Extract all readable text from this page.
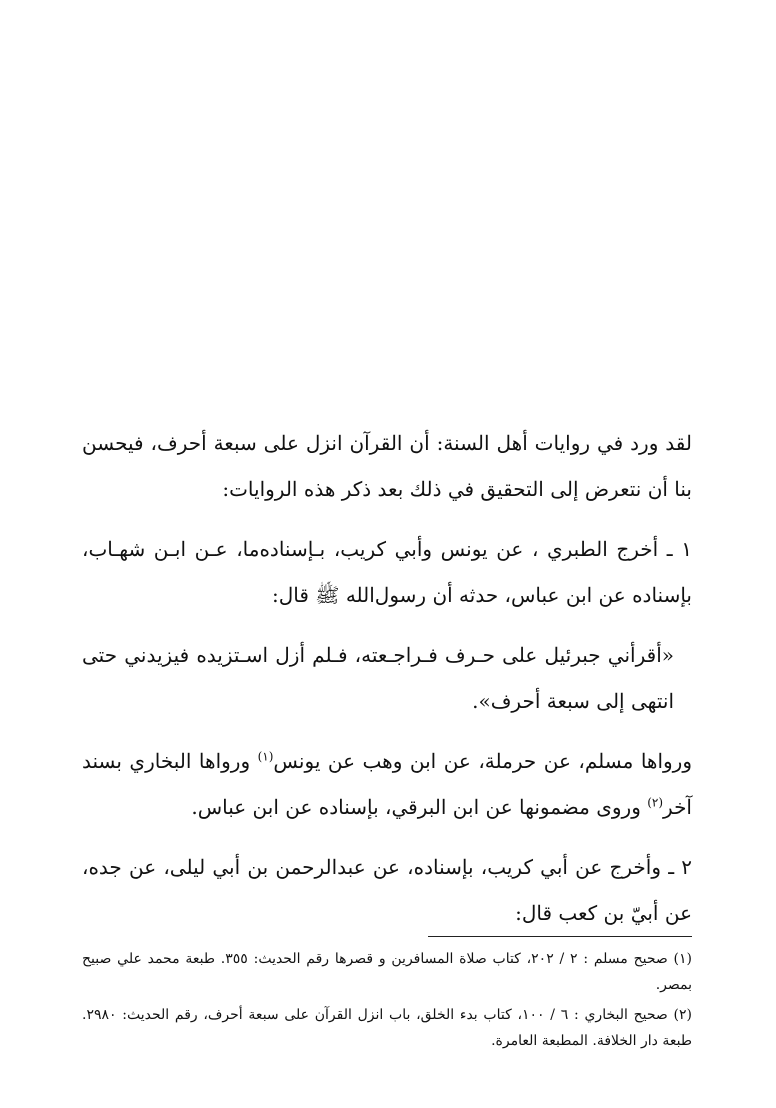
لقد ورد في روايات أهل السنة: أن القرآن انزل على سبعة أحرف، فيحسن بنا أن نتعرض إلى التحقيق في ذلك بعد ذكر هذه الروايات:

١ ـ أخرج الطبري ، عن يونس وأبي كريب، بـإسناده‌ما، عـن ابـن شهـاب، بإسناده عن ابن عباس، حدثه أن رسول‌الله ﷺ قال:

«أقرأني جبرئيل على حـرف فـراجـعته، فـلم أزل اسـتزيده فيزيدني حتى انتهى إلى سبعة أحرف».

ورواها مسلم، عن حرملة، عن ابن وهب عن يونس$^{(١)}$ ورواها البخاري بسند آخر$^{(٢)}$ وروى مضمونها عن ابن البرقي، بإسناده عن ابن عباس.

٢ ـ وأخرج عن أبي كريب، بإسناده، عن عبدالرحمن بن أبي ليلى، عن جده، عن أبيّ بن كعب قال:

(١) صحيح مسلم : ٢ / ٢٠٢، كتاب صلاة المسافرين و قصرها رقم الحديث: ٣٥٥. طبعة محمد علي صبيح بمصر.

(٢) صحيح البخاري : ٦ / ١٠٠، كتاب بدء الخلق، باب انزل القرآن على سبعة أحرف، رقم الحديث: ٢٩٨٠. طبعة دار الخلافة. المطبعة العامرة.
